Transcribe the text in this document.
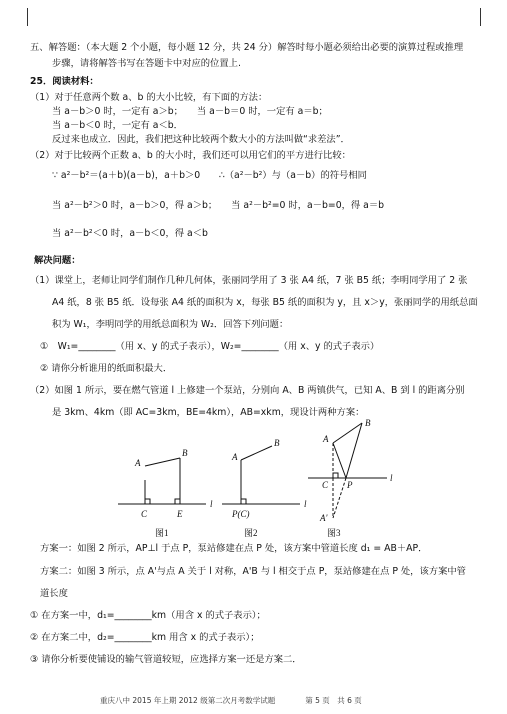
五、解答题：（本大题 2 个小题，每小题 12 分，共 24 分）解答时每小题必须给出必要的演算过程或推理
步骤，请将解答书写在答题卡中对应的位置上.
25．阅读材料：
（1）对于任意两个数 a、b 的大小比较，有下面的方法：
当 a－b＞0 时，一定有 a＞b；　　当 a－b＝0 时，一定有 a＝b；
当 a－b＜0 时，一定有 a＜b．
反过来也成立．因此，我们把这种比较两个数大小的方法叫做“求差法”．
（2）对于比较两个正数 a、b 的大小时，我们还可以用它们的平方进行比较：
∵ a²－b²＝(a＋b)(a－b)，a＋b＞0　　∴（a²－b²）与（a－b）的符号相同
当 a²－b²＞0 时，a－b＞0，得 a＞b；　　当 a²－b²=0 时，a－b=0，得 a＝b
当 a²－b²＜0 时，a－b＜0，得 a＜b
解决问题：
（1）课堂上，老师让同学们制作几种几何体，张丽同学用了 3 张 A4 纸，7 张 B5 纸；李明同学用了 2 张
A4 纸，8 张 B5 纸．设每张 A4 纸的面积为 x，每张 B5 纸的面积为 y，且 x＞y，张丽同学的用纸总面
积为 W₁，李明同学的用纸总面积为 W₂．回答下列问题：
①　W₁=________（用 x、y 的式子表示），W₂=________（用 x、y 的式子表示）
② 请你分析谁用的纸面积最大．
（2）如图 1 所示，要在燃气管道 l 上修建一个泵站，分别向 A、B 两镇供气，已知 A、B 到 l 的距离分别
是 3km、4km（即 AC=3km，BE=4km），AB=xkm，现设计两种方案：
A
B
C	E
l
A
B
P(C)
l
A
B
C P
A'
l
图1	图2	图3
方案一：如图 2 所示，AP⊥l 于点 P，泵站修建在点 P 处，该方案中管道长度 d₁ = AB＋AP．
方案二：如图 3 所示，点 A'与点 A 关于 l 对称，A'B 与 l 相交于点 P，泵站修建在点 P 处，该方案中管
道长度
① 在方案一中，d₁=________km（用含 x 的式子表示）；
② 在方案二中，d₂=________km 用含 x 的式子表示）；
③ 请你分析要使铺设的输气管道较短，应选择方案一还是方案二．
重庆八中 2015 年上期 2012 级第二次月考数学试题　　　　第 5 页　共 6 页
